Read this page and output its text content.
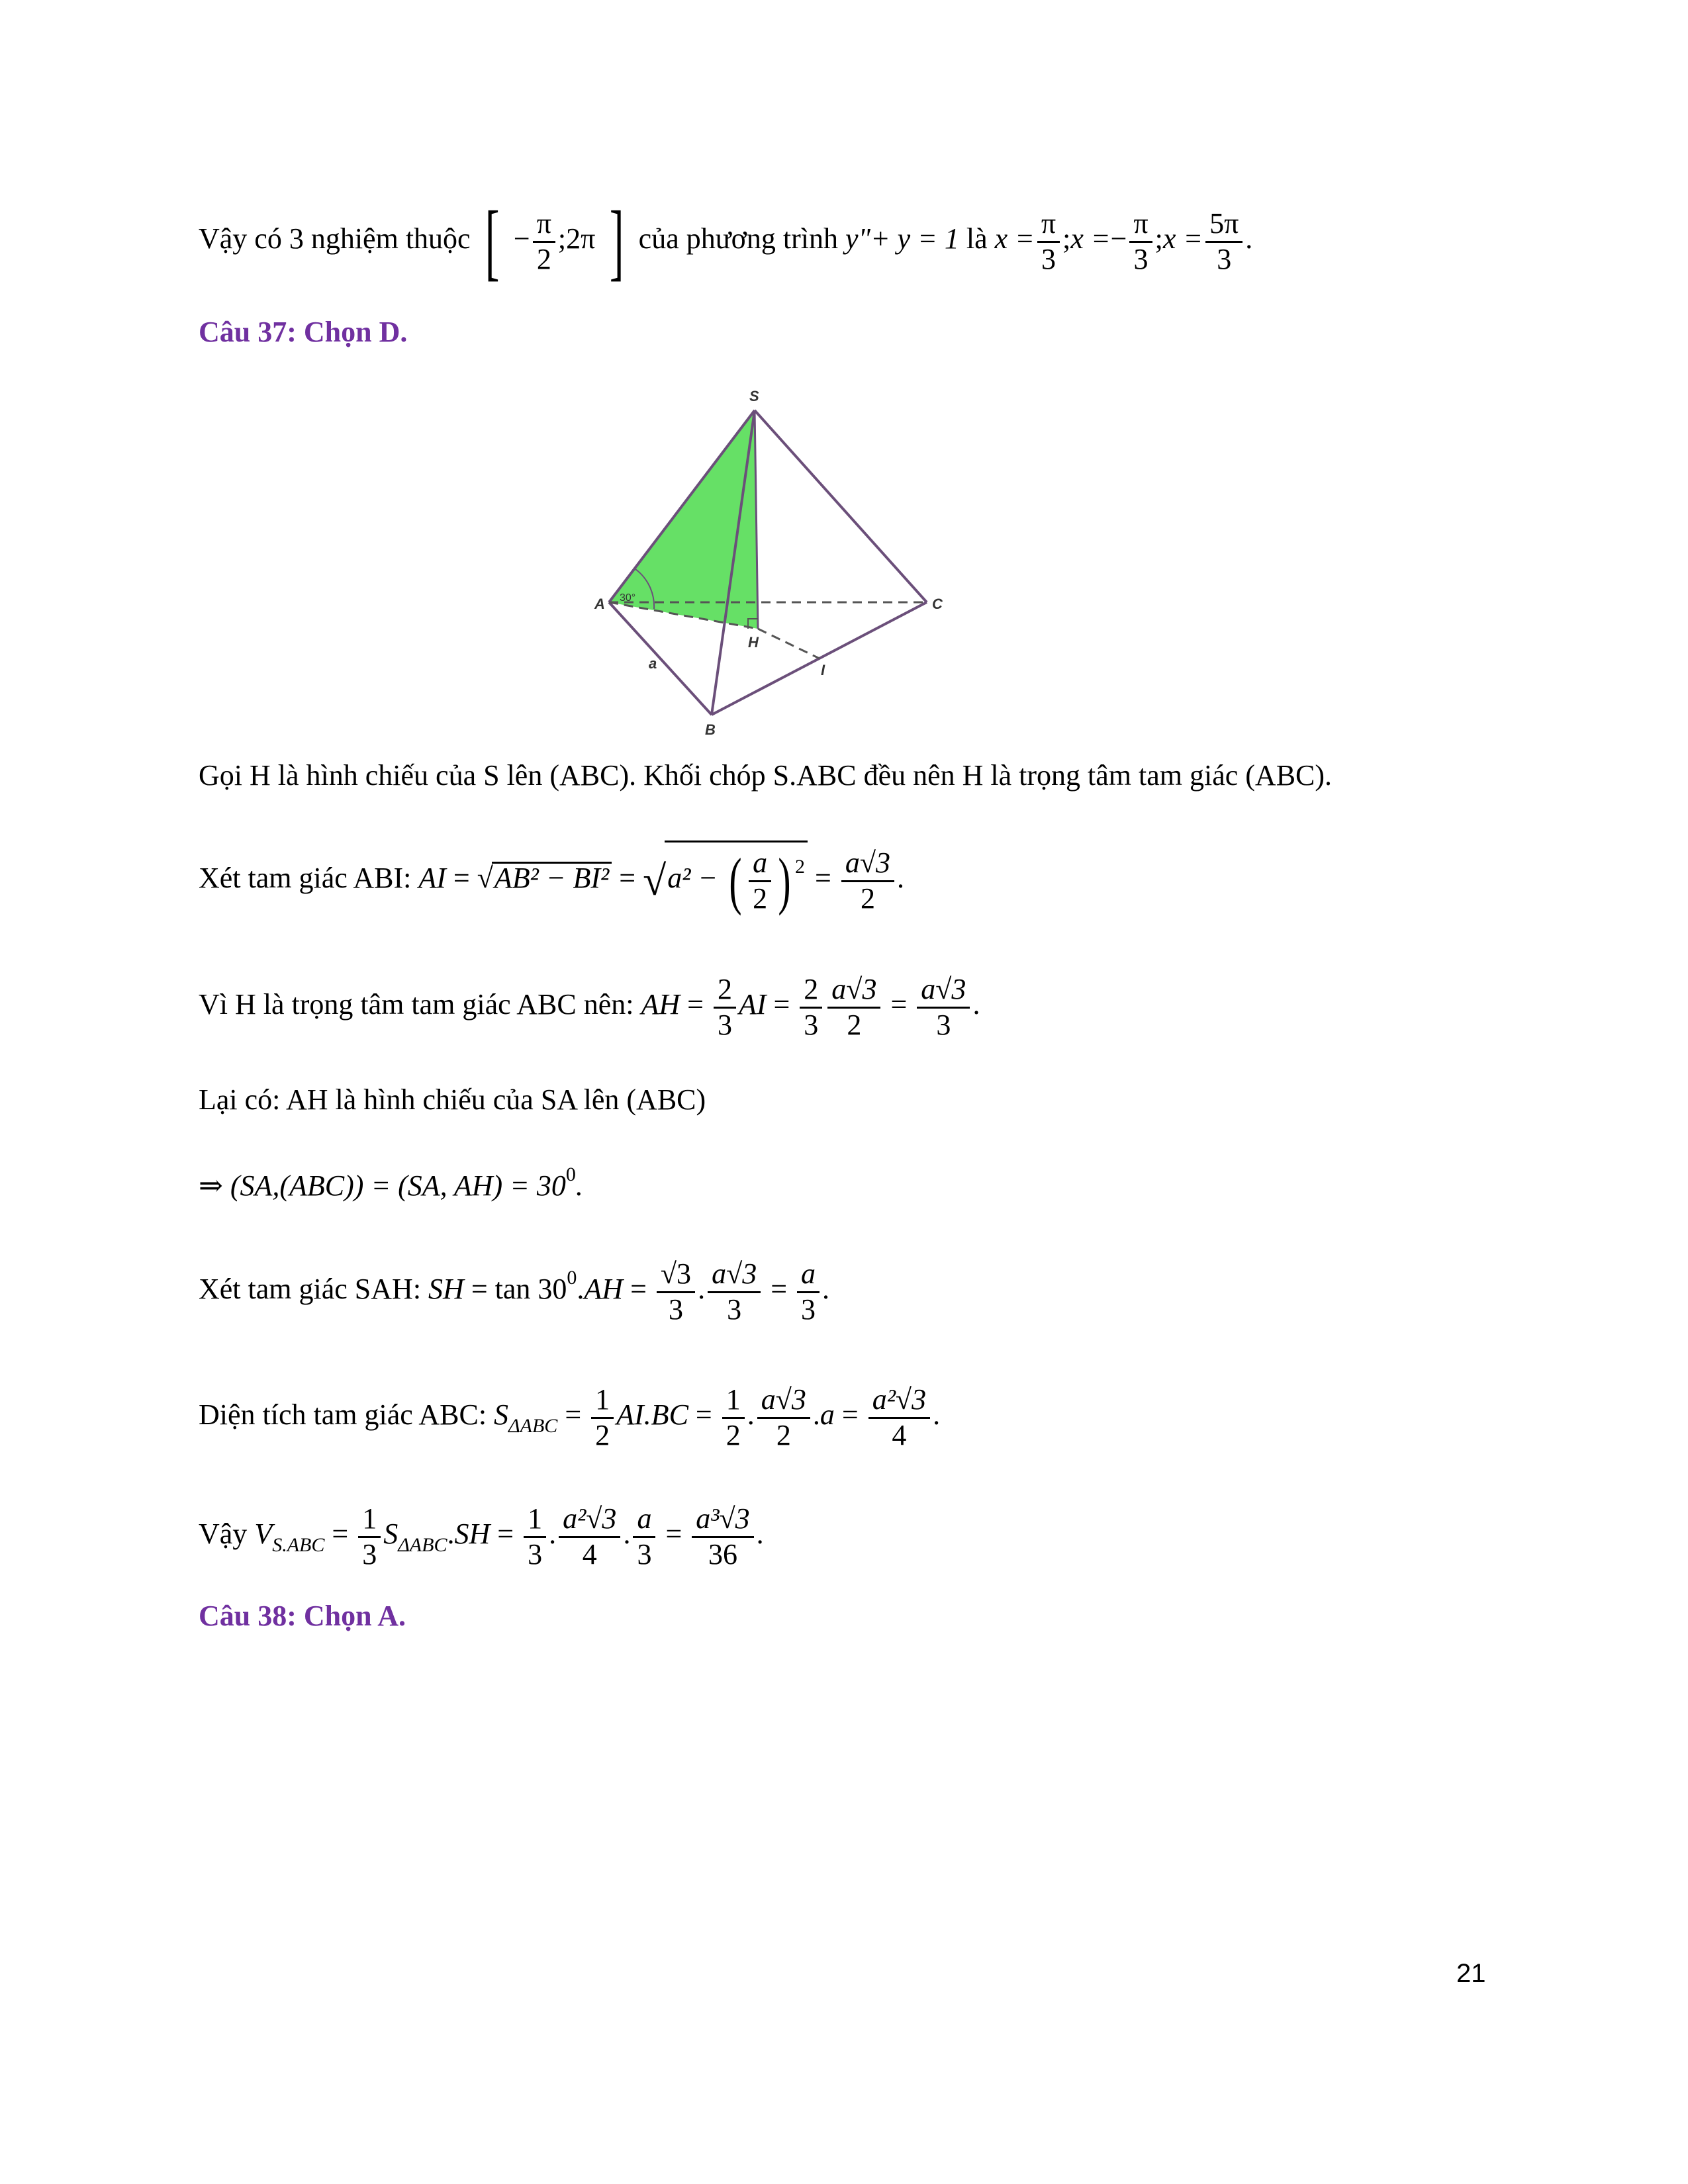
Vậy có 3 nghiệm thuộc [ − $\frac{\pi}{2}$ ;2π ] của phương trình y"+ y = 1 là $x = \frac{\pi}{3}$ ;x =− $\frac{\pi}{3}$ ;x = $\frac{5\pi}{3}$ .
Câu 37: Chọn D.
S
A
B
C
H
I
a
30°
Gọi H là hình chiếu của S lên (ABC). Khối chóp S.ABC đều nên H là trọng tâm tam giác (ABC).
Xét tam giác ABI: AI = √AB² − BI² = √a² − ( $\frac{a}{2}$ ) $^2 = \frac{a√3}{2}$ .
Vì H là trọng tâm tam giác ABC nên: AH = $\frac{2}{3}$ AI = $\frac{2}{3} \frac{a√3}{2} = \frac{a√3}{3}$ .
Lại có: AH là hình chiếu của SA lên (ABC)
⇒ (SA,(ABC)) = (SA, $AH) = 30^0$.
Xét tam giác SAH: SH = $\tan 30^0.AH = \frac{√3}{3}$ . $\frac{a√3}{3} = \frac{a}{3}$ .
Diện tích tam giác ABC: $S_{\Delta ABC} = \frac{1}{2} AI.BC = \frac{1}{2}$ . $\frac{a√3}{2} .a = \frac{\text{a²√3}}{4}$ .
Vậy $V_{S.ABC} = \frac{1}{3} S_{\Delta ABC}.SH = \frac{1}{3}$ . $\frac{\text{a²√3}}{4}$ . $\frac{a}{3} = \frac{\text{a³√3}}{36}$ .
Câu 38: Chọn A.
21
